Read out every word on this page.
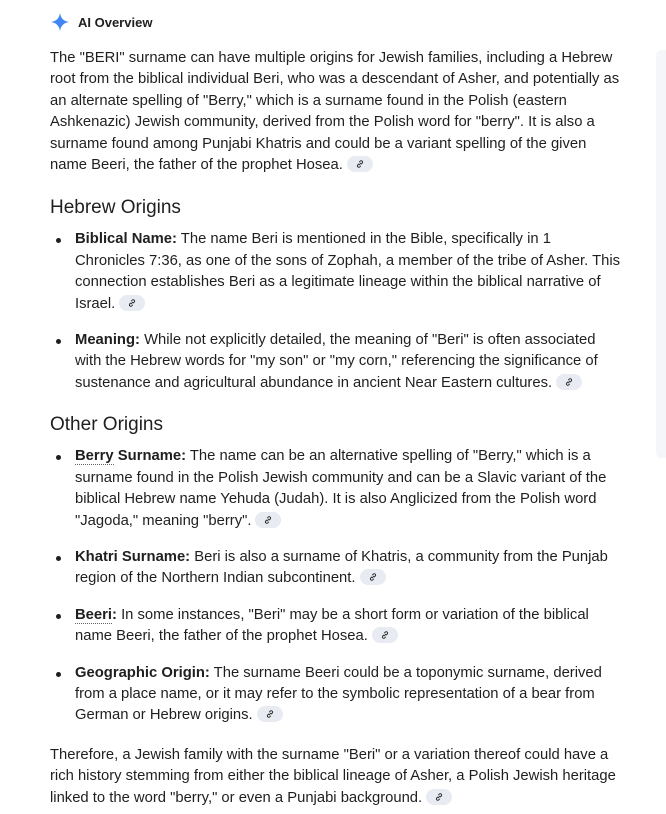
AI Overview

The "BERI" surname can have multiple origins for Jewish families, including a Hebrew root from the biblical individual Beri, who was a descendant of Asher, and potentially as an alternate spelling of "Berry," which is a surname found in the Polish (eastern Ashkenazic) Jewish community, derived from the Polish word for "berry". It is also a surname found among Punjabi Khatris and could be a variant spelling of the given name Beeri, the father of the prophet Hosea.

Hebrew Origins
Biblical Name: The name Beri is mentioned in the Bible, specifically in 1 Chronicles 7:36, as one of the sons of Zophah, a member of the tribe of Asher. This connection establishes Beri as a legitimate lineage within the biblical narrative of Israel.
Meaning: While not explicitly detailed, the meaning of "Beri" is often associated with the Hebrew words for "my son" or "my corn," referencing the significance of sustenance and agricultural abundance in ancient Near Eastern cultures.
Other Origins
Berry Surname: The name can be an alternative spelling of "Berry," which is a surname found in the Polish Jewish community and can be a Slavic variant of the biblical Hebrew name Yehuda (Judah). It is also Anglicized from the Polish word "Jagoda," meaning "berry".
Khatri Surname: Beri is also a surname of Khatris, a community from the Punjab region of the Northern Indian subcontinent.
Beeri: In some instances, "Beri" may be a short form or variation of the biblical name Beeri, the father of the prophet Hosea.
Geographic Origin: The surname Beeri could be a toponymic surname, derived from a place name, or it may refer to the symbolic representation of a bear from German or Hebrew origins.

Therefore, a Jewish family with the surname "Beri" or a variation thereof could have a rich history stemming from either the biblical lineage of Asher, a Polish Jewish heritage linked to the word "berry," or even a Punjabi background.
